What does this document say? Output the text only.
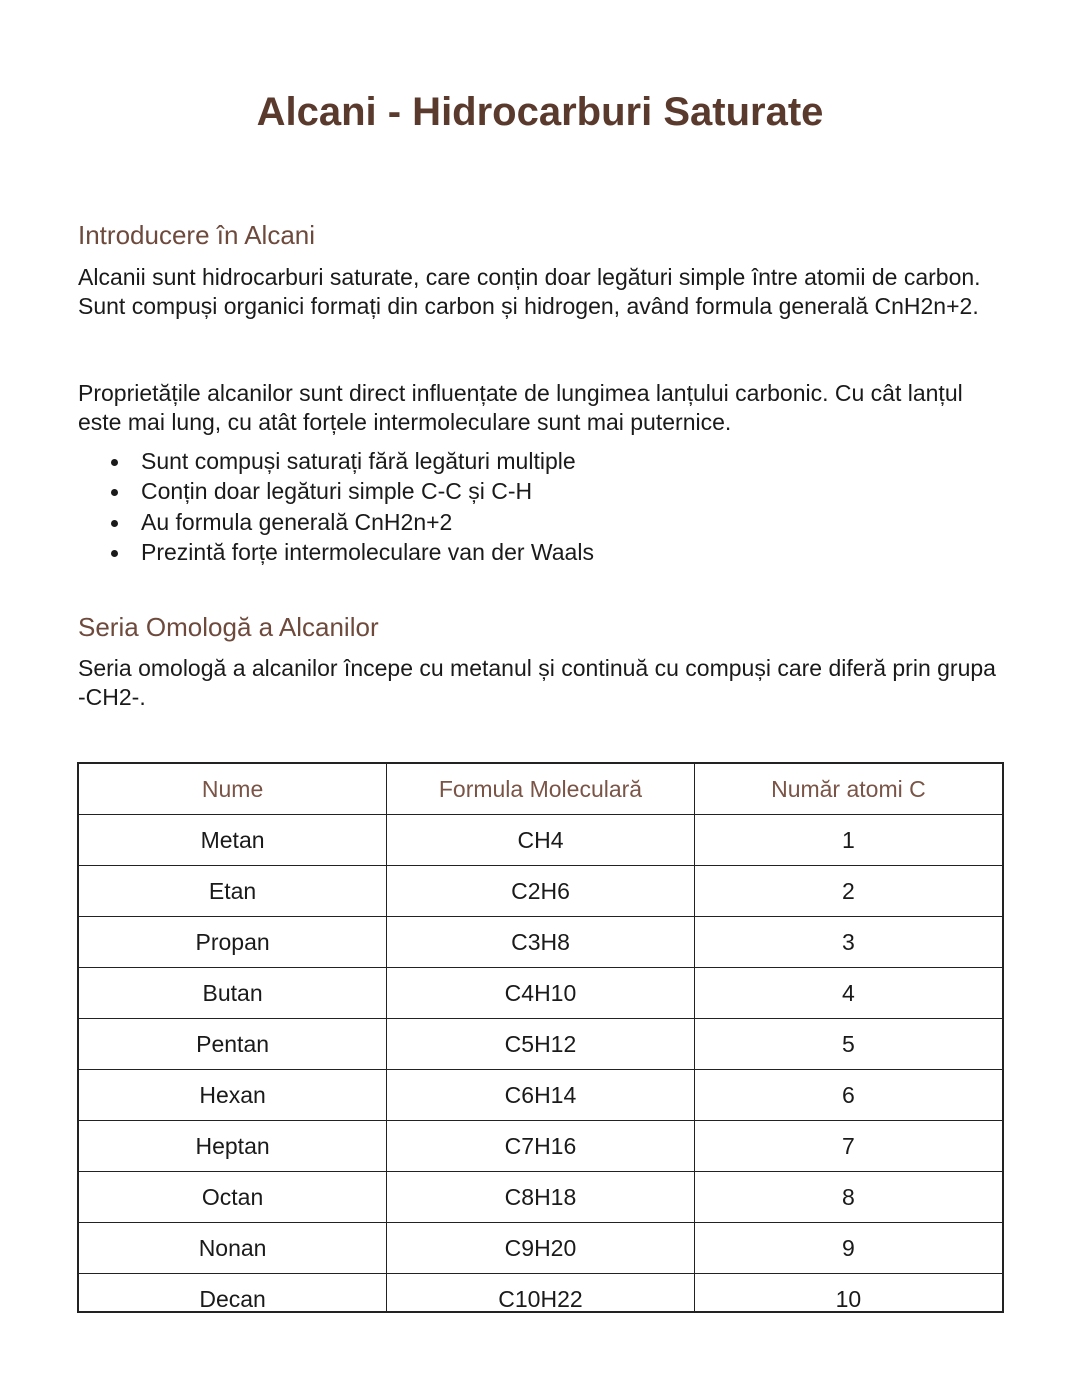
Alcani - Hidrocarburi Saturate
Introducere în Alcani

Alcanii sunt hidrocarburi saturate, care conțin doar legături simple între atomii de carbon. Sunt compuși organici formați din carbon și hidrogen, având formula generală CnH2n+2.

Proprietățile alcanilor sunt direct influențate de lungimea lanțului carbonic. Cu cât lanțul este mai lung, cu atât forțele intermoleculare sunt mai puternice.

Sunt compuși saturați fără legături multiple
Conțin doar legături simple C-C și C-H
Au formula generală CnH2n+2
Prezintă forțe intermoleculare van der Waals
Seria Omologă a Alcanilor

Seria omologă a alcanilor începe cu metanul și continuă cu compuși care diferă prin grupa -CH2-.

Nume	Formula Moleculară	Număr atomi C
Metan	CH4	1
Etan	C2H6	2
Propan	C3H8	3
Butan	C4H10	4
Pentan	C5H12	5
Hexan	C6H14	6
Heptan	C7H16	7
Octan	C8H18	8
Nonan	C9H20	9
Decan	C10H22	10
